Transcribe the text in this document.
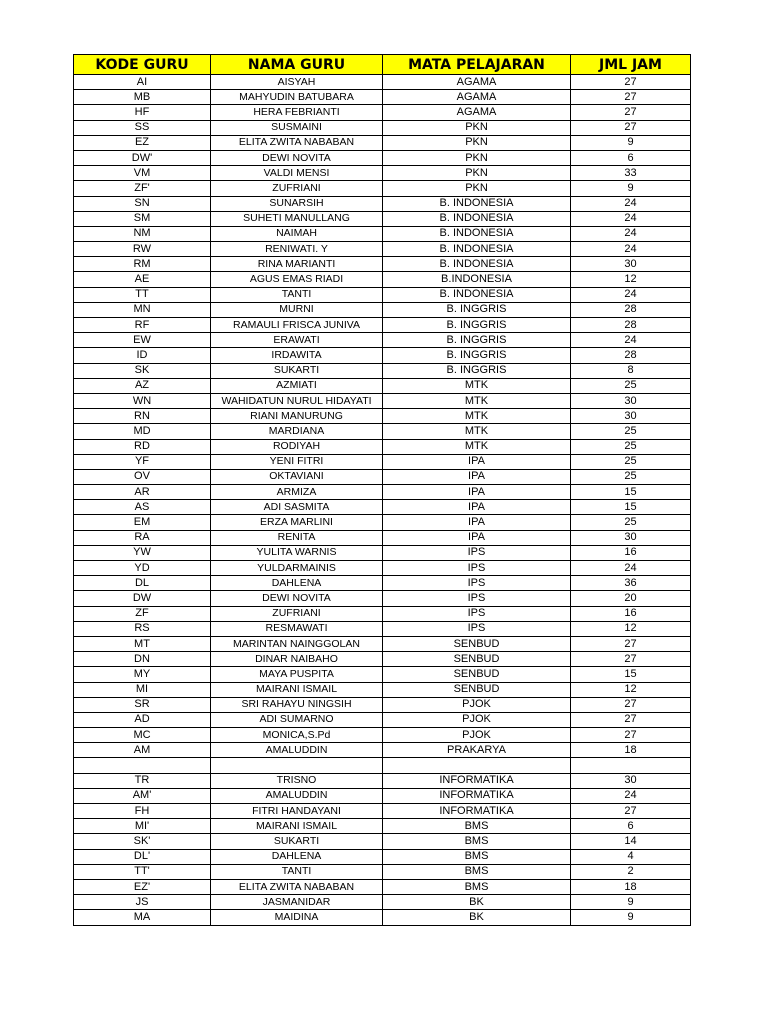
KODE GURU	NAMA GURU	MATA PELAJARAN	JML JAM
AI	AISYAH	AGAMA	27
MB	MAHYUDIN BATUBARA	AGAMA	27
HF	HERA FEBRIANTI	AGAMA	27
SS	SUSMAINI	PKN	27
EZ	ELITA ZWITA NABABAN	PKN	9
DW'	DEWI NOVITA	PKN	6
VM	VALDI MENSI	PKN	33
ZF'	ZUFRIANI	PKN	9
SN	SUNARSIH	B. INDONESIA	24
SM	SUHETI MANULLANG	B. INDONESIA	24
NM	NAIMAH	B. INDONESIA	24
RW	RENIWATI. Y	B. INDONESIA	24
RM	RINA MARIANTI	B. INDONESIA	30
AE	AGUS EMAS RIADI	B.INDONESIA	12
TT	TANTI	B. INDONESIA	24
MN	MURNI	B. INGGRIS	28
RF	RAMAULI FRISCA JUNIVA	B. INGGRIS	28
EW	ERAWATI	B. INGGRIS	24
ID	IRDAWITA	B. INGGRIS	28
SK	SUKARTI	B. INGGRIS	8
AZ	AZMIATI	MTK	25
WN	WAHIDATUN NURUL HIDAYATI	MTK	30
RN	RIANI MANURUNG	MTK	30
MD	MARDIANA	MTK	25
RD	RODIYAH	MTK	25
YF	YENI FITRI	IPA	25
OV	OKTAVIANI	IPA	25
AR	ARMIZA	IPA	15
AS	ADI SASMITA	IPA	15
EM	ERZA MARLINI	IPA	25
RA	RENITA	IPA	30
YW	YULITA WARNIS	IPS	16
YD	YULDARMAINIS	IPS	24
DL	DAHLENA	IPS	36
DW	DEWI NOVITA	IPS	20
ZF	ZUFRIANI	IPS	16
RS	RESMAWATI	IPS	12
MT	MARINTAN NAINGGOLAN	SENBUD	27
DN	DINAR NAIBAHO	SENBUD	27
MY	MAYA PUSPITA	SENBUD	15
MI	MAIRANI ISMAIL	SENBUD	12
SR	SRI RAHAYU NINGSIH	PJOK	27
AD	ADI SUMARNO	PJOK	27
MC	MONICA,S.Pd	PJOK	27
AM	AMALUDDIN	PRAKARYA	18

TR	TRISNO	INFORMATIKA	30
AM'	AMALUDDIN	INFORMATIKA	24
FH	FITRI HANDAYANI	INFORMATIKA	27
MI'	MAIRANI ISMAIL	BMS	6
SK'	SUKARTI	BMS	14
DL'	DAHLENA	BMS	4
TT'	TANTI	BMS	2
EZ'	ELITA ZWITA NABABAN	BMS	18
JS	JASMANIDAR	BK	9
MA	MAIDINA	BK	9
